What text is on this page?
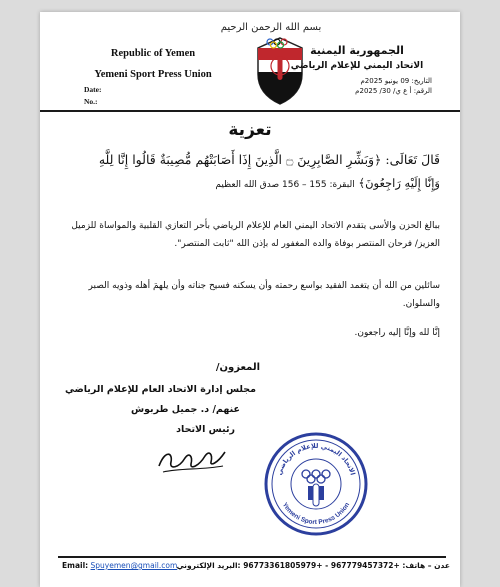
بسم الله الرحمن الرحيم
Republic of Yemen
Yemeni Sport Press Union
Date:
No.:
الجمهورية اليمنية
الاتحاد اليمني للإعلام الرياضي
التاريخ: 09 يونيو 2025م
الرقم: أ ع ي/ 30/ 2025م
تعزية
قَالَ تَعَالَى: ﴿وَبَشِّرِ الصَّابِرِينَ ۝ الَّذِينَ إِذَا أَصَابَتْهُم مُّصِيبَةٌ قَالُوا إِنَّا لِلَّهِ
وَإِنَّا إِلَيْهِ رَاجِعُونَ﴾ البقرة: 155 – 156 صدق الله العظيم
ببالغ الحزن والأسى يتقدم الاتحاد اليمني العام للإعلام الرياضي بأحر التعازي القلبية والمواساة للزميل العزيز/ فرحان المنتصر بوفاة والده المغفور له بإذن الله "ثابت المنتصر".
سائلين من الله أن يتغمد الفقيد بواسع رحمته وأن يسكنه فسيح جناته وأن يلهمَ أهله وذويه الصبر والسلوان.
إنَّا لله وإنَّا إليه راجعون.
المعزون/
مجلس إدارة الاتحاد العام للإعلام الرياضي
عنهم/ د. جميل طربوش
رئيس الاتحاد
الاتحاد اليمني للإعلام الرياضي
Yemeni Sport Press Union
Email: Spuyemen@gmail.com عدن – هاتف: +967779457372 - +96773361805979 :البريد الإلكتروني
